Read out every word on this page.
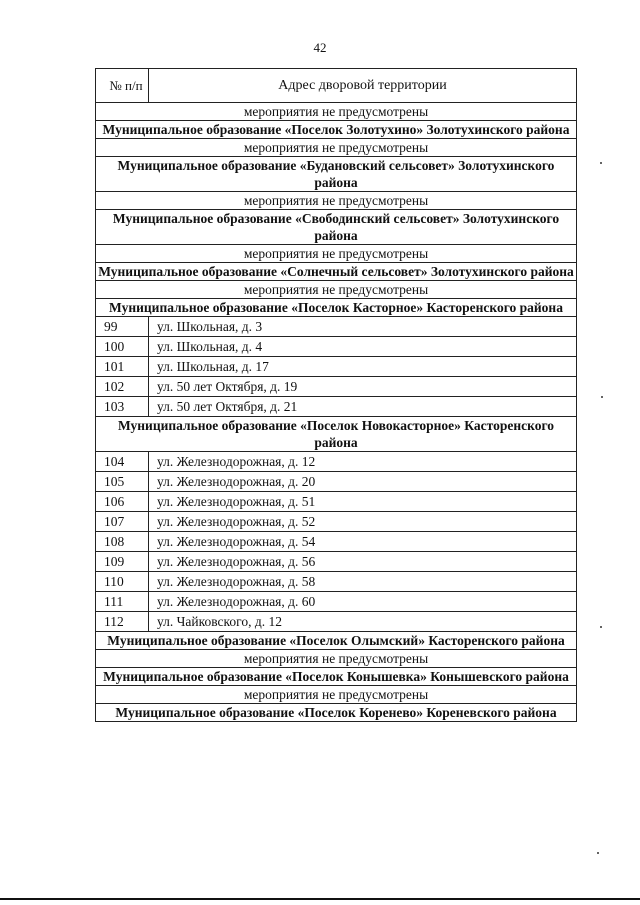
42
№ п/п	Адрес дворовой территории
мероприятия не предусмотрены	
Муниципальное образование «Поселок Золотухино» Золотухинского района	
мероприятия не предусмотрены	
Муниципальное образование «Будановский сельсовет» Золотухинского района	
мероприятия не предусмотрены	
Муниципальное образование «Свободинский сельсовет» Золотухинского района	
мероприятия не предусмотрены	
Муниципальное образование «Солнечный сельсовет» Золотухинского района	
мероприятия не предусмотрены	
Муниципальное образование «Поселок Касторное» Касторенского района	
99	ул. Школьная, д. 3
100	ул. Школьная, д. 4
101	ул. Школьная, д. 17
102	ул. 50 лет Октября, д. 19
103	ул. 50 лет Октября, д. 21
Муниципальное образование «Поселок Новокасторное» Касторенского района	
104	ул. Железнодорожная, д. 12
105	ул. Железнодорожная, д. 20
106	ул. Железнодорожная, д. 51
107	ул. Железнодорожная, д. 52
108	ул. Железнодорожная, д. 54
109	ул. Железнодорожная, д. 56
110	ул. Железнодорожная, д. 58
111	ул. Железнодорожная, д. 60
112	ул. Чайковского, д. 12
Муниципальное образование «Поселок Олымский» Касторенского района	
мероприятия не предусмотрены	
Муниципальное образование «Поселок Конышевка» Конышевского района	
мероприятия не предусмотрены	
Муниципальное образование «Поселок Коренево» Кореневского района	
